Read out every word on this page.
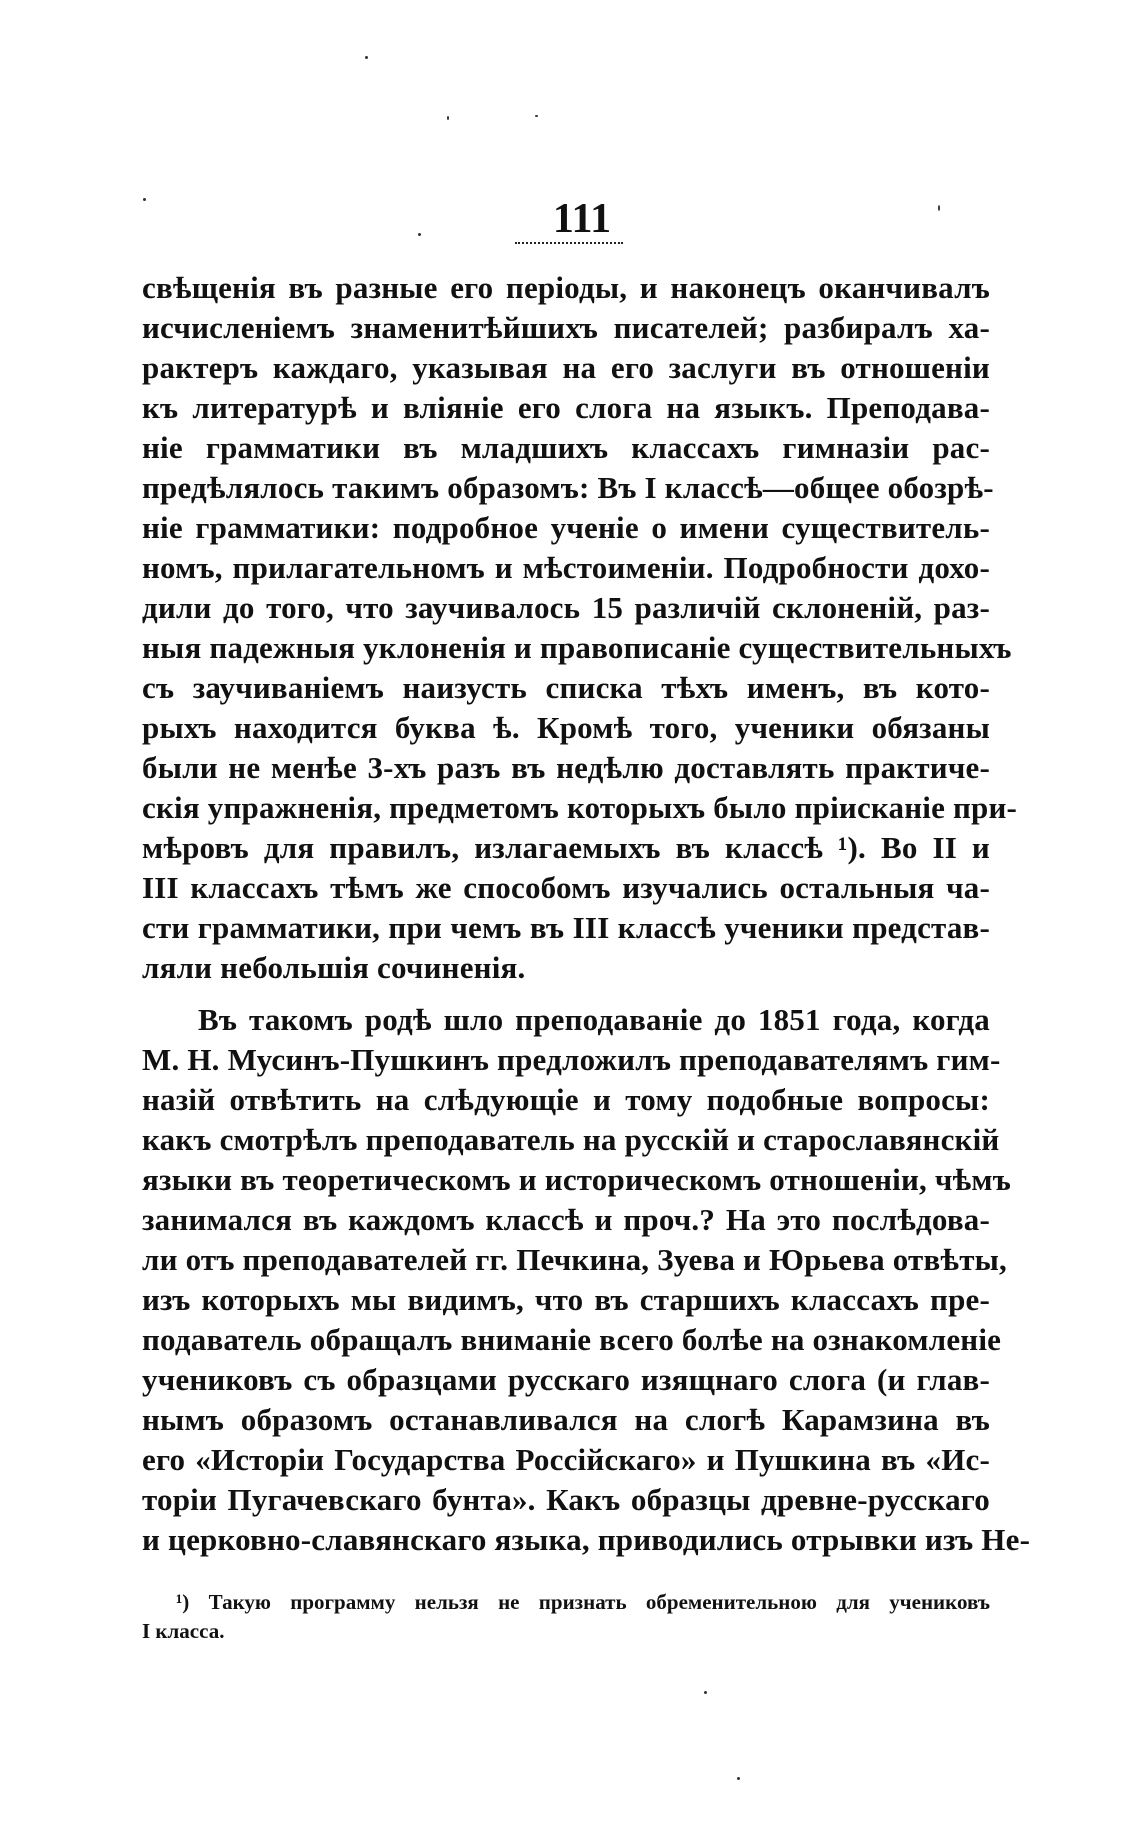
111
свѣщенія въ разные его періоды, и наконецъ оканчивалъ
исчисленіемъ знаменитѣйшихъ писателей; разбиралъ ха-
рактеръ каждаго, указывая на его заслуги въ отношеніи
къ литературѣ и вліяніе его слога на языкъ. Преподава-
ніе грамматики въ младшихъ классахъ гимназіи рас-
предѣлялось такимъ образомъ: Въ I классѣ—общее обозрѣ-
ніе грамматики: подробное ученіе о имени существитель-
номъ, прилагательномъ и мѣстоименіи. Подробности дохо-
дили до того, что заучивалось 15 различій склоненій, раз-
ныя падежныя уклоненія и правописаніе существительныхъ
съ заучиваніемъ наизусть списка тѣхъ именъ, въ кото-
рыхъ находится буква ѣ. Кромѣ того, ученики обязаны
были не менѣе 3-хъ разъ въ недѣлю доставлять практиче-
скія упражненія, предметомъ которыхъ было пріисканіе при-
мѣровъ для правилъ, излагаемыхъ въ классѣ ¹). Во II и
III классахъ тѣмъ же способомъ изучались остальныя ча-
сти грамматики, при чемъ въ III классѣ ученики представ-
ляли небольшія сочиненія.
Въ такомъ родѣ шло преподаваніе до 1851 года, когда
М. Н. Мусинъ-Пушкинъ предложилъ преподавателямъ гим-
назій отвѣтить на слѣдующіе и тому подобные вопросы:
какъ смотрѣлъ преподаватель на русскій и старославянскій
языки въ теоретическомъ и историческомъ отношеніи, чѣмъ
занимался въ каждомъ классѣ и проч.? На это послѣдова-
ли отъ преподавателей гг. Печкина, Зуева и Юрьева отвѣты,
изъ которыхъ мы видимъ, что въ старшихъ классахъ пре-
подаватель обращалъ вниманіе всего болѣе на ознакомленіе
учениковъ съ образцами русскаго изящнаго слога (и глав-
нымъ образомъ останавливался на слогѣ Карамзина въ
его «Исторіи Государства Россійскаго» и Пушкина въ «Ис-
торіи Пугачевскаго бунта». Какъ образцы древне-русскаго
и церковно-славянскаго языка, приводились отрывки изъ Не-
¹) Такую программу нельзя не признать обременительною для учениковъ
I класса.
